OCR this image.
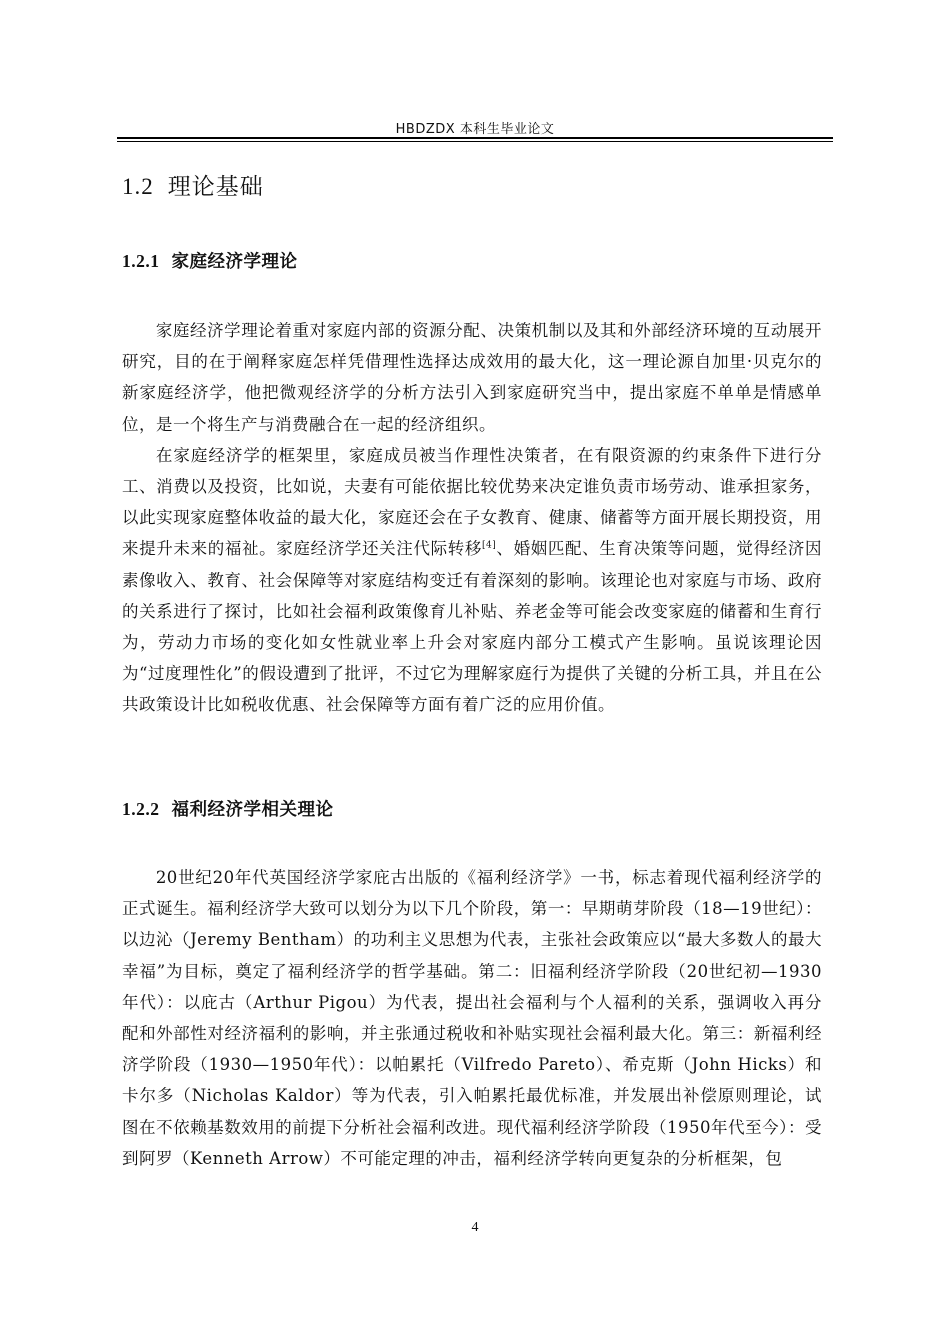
HBDZDX 本科生毕业论文
1.2 理论基础
1.2.1 家庭经济学理论
家庭经济学理论着重对家庭内部的资源分配、决策机制以及其和外部经济环境的互动展开研究，目的在于阐释家庭怎样凭借理性选择达成效用的最大化，这一理论源自加里·贝克尔的新家庭经济学，他把微观经济学的分析方法引入到家庭研究当中，提出家庭不单单是情感单位，是一个将生产与消费融合在一起的经济组织。
在家庭经济学的框架里，家庭成员被当作理性决策者，在有限资源的约束条件下进行分工、消费以及投资，比如说，夫妻有可能依据比较优势来决定谁负责市场劳动、谁承担家务，以此实现家庭整体收益的最大化，家庭还会在子女教育、健康、储蓄等方面开展长期投资，用来提升未来的福祉。家庭经济学还关注代际转移[4]、婚姻匹配、生育决策等问题，觉得经济因素像收入、教育、社会保障等对家庭结构变迁有着深刻的影响。该理论也对家庭与市场、政府的关系进行了探讨，比如社会福利政策像育儿补贴、养老金等可能会改变家庭的储蓄和生育行为，劳动力市场的变化如女性就业率上升会对家庭内部分工模式产生影响。虽说该理论因为“过度理性化”的假设遭到了批评，不过它为理解家庭行为提供了关键的分析工具，并且在公共政策设计比如税收优惠、社会保障等方面有着广泛的应用价值。
1.2.2 福利经济学相关理论
20世纪20年代英国经济学家庇古出版的《福利经济学》一书，标志着现代福利经济学的正式诞生。福利经济学大致可以划分为以下几个阶段，第一：早期萌芽阶段（18—19世纪）：以边沁（Jeremy Bentham）的功利主义思想为代表，主张社会政策应以“最大多数人的最大幸福”为目标，奠定了福利经济学的哲学基础。第二：旧福利经济学阶段（20世纪初—1930年代）：以庇古（Arthur Pigou）为代表，提出社会福利与个人福利的关系，强调收入再分配和外部性对经济福利的影响，并主张通过税收和补贴实现社会福利最大化。第三：新福利经济学阶段（1930—1950年代）：以帕累托（Vilfredo Pareto）、希克斯（John Hicks）和卡尔多（Nicholas Kaldor）等为代表，引入帕累托最优标准，并发展出补偿原则理论，试图在不依赖基数效用的前提下分析社会福利改进。现代福利经济学阶段（1950年代至今）：受到阿罗（Kenneth Arrow）不可能定理的冲击，福利经济学转向更复杂的分析框架，包
4
